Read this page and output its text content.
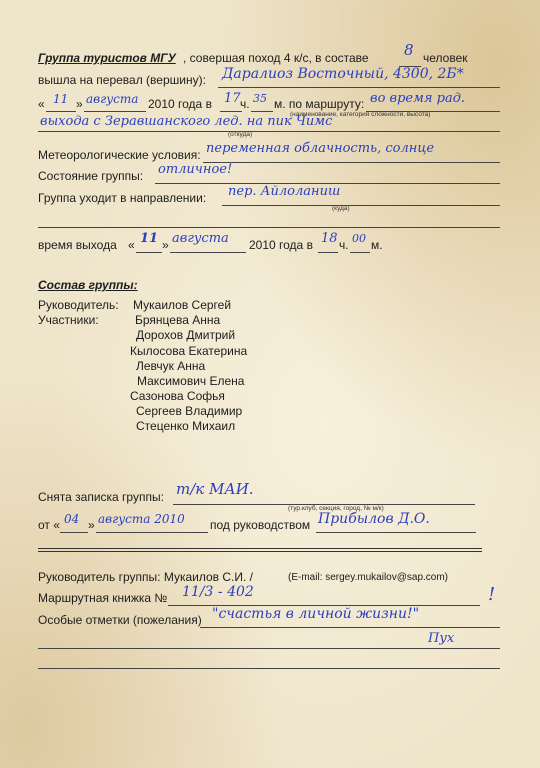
Группа туристов МГУ , совершая поход 4 к/с, в составе 8 человек
вышла на перевал (вершину): Даралиоз Восточный, 4300, 2Б*
« 11 » августа 2010 года в 17 ч. 35 м. по маршруту: во время рад.
(наименование, категория сложности, высота)
выхода с Зеравшанского лед. на пик Чимс
(откуда)
Метеорологические условия: переменная облачность, солнце
Состояние группы: отличное!
Группа уходит в направлении: пер. Айлоланиш
(куда)
время выхода « 11 » августа 2010 года в 18 ч. 00 м.
Состав группы:
Руководитель: Мукаилов Сергей
Участники:	Брянцева Анна
Дорохов Дмитрий
Кылосова Екатерина
Левчук Анна
Максимович Елена
Сазонова Софья
Сергеев Владимир
Стеценко Михаил
Снята записка группы: т/к МАИ.
(тур.клуб, секция, город, № м/к)
от « 04 » августа 2010 под руководством Прибылов Д.О.
Руководитель группы: Мукаилов С.И. /	(E-mail: sergey.mukailov@sap.com)
Маршрутная книжка № 11/3 - 402	!
Особые отметки (пожелания) "счастья в личной жизни!"
Пух
